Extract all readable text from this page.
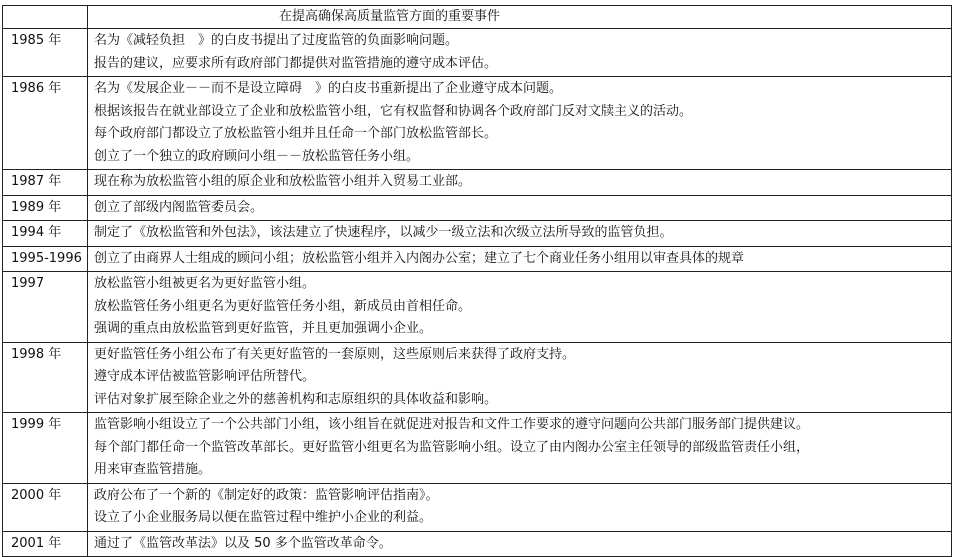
	在提高确保高质量监管方面的重要事件
1985 年	名为《减轻负担　》的白皮书提出了过度监管的负面影响问题。
报告的建议，应要求所有政府部门都提供对监管措施的遵守成本评估。

1986 年	名为《发展企业－－而不是设立障碍　》的白皮书重新提出了企业遵守成本问题。
根据该报告在就业部设立了企业和放松监管小组，它有权监督和协调各个政府部门反对文牍主义的活动。
每个政府部门都设立了放松监管小组并且任命一个部门放松监管部长。
创立了一个独立的政府顾问小组－－放松监管任务小组。

1987 年	现在称为放松监管小组的原企业和放松监管小组并入贸易工业部。

1989 年	创立了部级内阁监管委员会。

1994 年	制定了《放松监管和外包法》，该法建立了快速程序，以减少一级立法和次级立法所导致的监管负担。

1995-1996	创立了由商界人士组成的顾问小组；放松监管小组并入内阁办公室；建立了七个商业任务小组用以审查具体的规章

1997	放松监管小组被更名为更好监管小组。
放松监管任务小组更名为更好监管任务小组，新成员由首相任命。
强调的重点由放松监管到更好监管，并且更加强调小企业。

1998 年	更好监管任务小组公布了有关更好监管的一套原则，这些原则后来获得了政府支持。
遵守成本评估被监管影响评估所替代。
评估对象扩展至除企业之外的慈善机构和志原组织的具体收益和影响。

1999 年	监管影响小组设立了一个公共部门小组，该小组旨在就促进对报告和文件工作要求的遵守问题向公共部门服务部门提供建议。
每个部门都任命一个监管改革部长。更好监管小组更名为监管影响小组。设立了由内阁办公室主任领导的部级监管责任小组，
用来审查监管措施。

2000 年	政府公布了一个新的《制定好的政策：监管影响评估指南》。
设立了小企业服务局以便在监管过程中维护小企业的利益。

2001 年	通过了《监管改革法》以及 50 多个监管改革命令。
